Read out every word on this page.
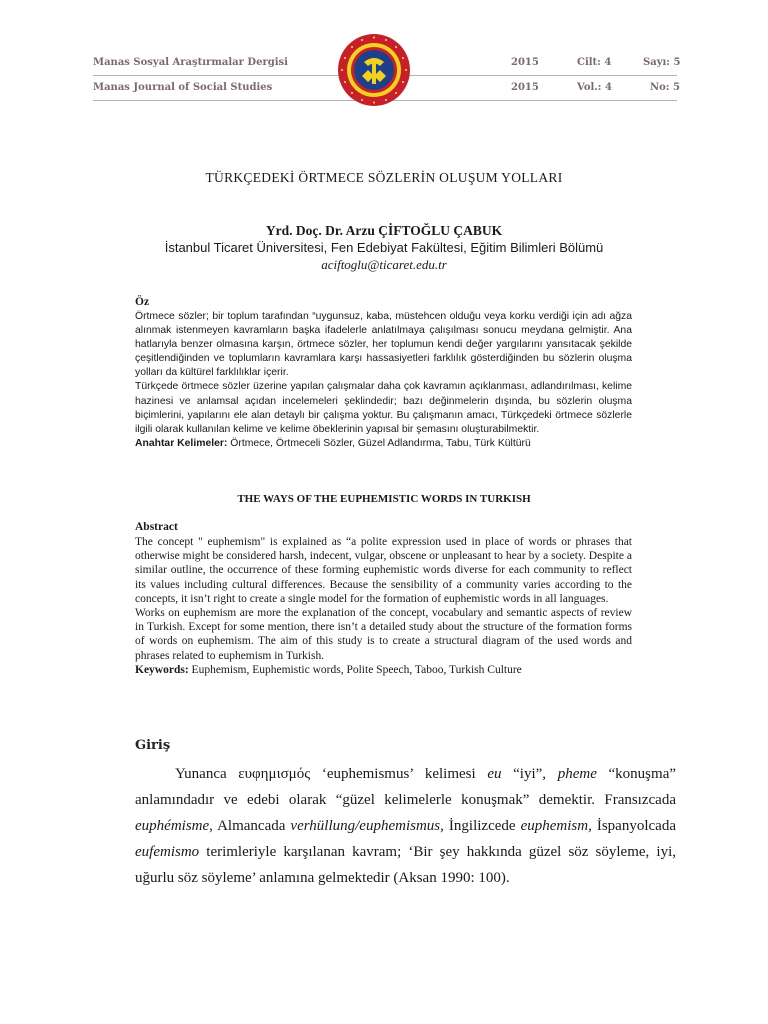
Manas Sosyal Araştırmalar Dergisi	2015	Cilt: 4	Sayı: 5
Manas Journal of Social Studies	2015	Vol.: 4	No: 5
TÜRKÇEDEKİ ÖRTMECE SÖZLERİN OLUŞUM YOLLARI
Yrd. Doç. Dr. Arzu ÇİFTOĞLU ÇABUK
İstanbul Ticaret Üniversitesi, Fen Edebiyat Fakültesi, Eğitim Bilimleri Bölümü
aciftoglu@ticaret.edu.tr
Öz

Örtmece sözler; bir toplum tarafından “uygunsuz, kaba, müstehcen olduğu veya korku verdiği için adı ağza alınmak istenmeyen kavramların başka ifadelerle anlatılmaya çalışılması sonucu meydana gelmiştir. Ana hatlarıyla benzer olmasına karşın, örtmece sözler, her toplumun kendi değer yargılarını yansıtacak şekilde çeşitlendiğinden ve toplumların kavramlara karşı hassasiyetleri farklılık gösterdiğinden bu sözlerin oluşma yolları da kültürel farklılıklar içerir.

Türkçede örtmece sözler üzerine yapılan çalışmalar daha çok kavramın açıklanması, adlandırılması, kelime hazinesi ve anlamsal açıdan incelemeleri şeklindedir; bazı değinmelerin dışında, bu sözlerin oluşma biçimlerini, yapılarını ele alan detaylı bir çalışma yoktur. Bu çalışmanın amacı, Türkçedeki örtmece sözlerle ilgili olarak kullanılan kelime ve kelime öbeklerinin yapısal bir şemasını oluşturabilmektir.

Anahtar Kelimeler: Örtmece, Örtmeceli Sözler, Güzel Adlandırma, Tabu, Türk Kültürü

THE WAYS OF THE EUPHEMISTIC WORDS IN TURKISH
Abstract

The concept " euphemism" is explained as “a polite expression used in place of words or phrases that otherwise might be considered harsh, indecent, vulgar, obscene or unpleasant to hear by a society. Despite a similar outline, the occurrence of these forming euphemistic words diverse for each community to reflect its values including cultural differences. Because the sensibility of a community varies according to the concepts, it isn’t right to create a single model for the formation of euphemistic words in all languages.

Works on euphemism are more the explanation of the concept, vocabulary and semantic aspects of review in Turkish. Except for some mention, there isn’t a detailed study about the structure of the formation forms of words on euphemism. The aim of this study is to create a structural diagram of the used words and phrases related to euphemism in Turkish.

Keywords: Euphemism, Euphemistic words, Polite Speech, Taboo, Turkish Culture

Giriş

Yunanca ευφημισμός ‘euphemismus’ kelimesi eu “iyi”, pheme “konuşma” anlamındadır ve edebi olarak “güzel kelimelerle konuşmak” demektir. Fransızcada euphémisme, Almancada verhüllung/euphemismus, İngilizcede euphemism, İspanyolcada eufemismo terimleriyle karşılanan kavram; ‘Bir şey hakkında güzel söz söyleme, iyi, uğurlu söz söyleme’ anlamına gelmektedir (Aksan 1990: 100).
